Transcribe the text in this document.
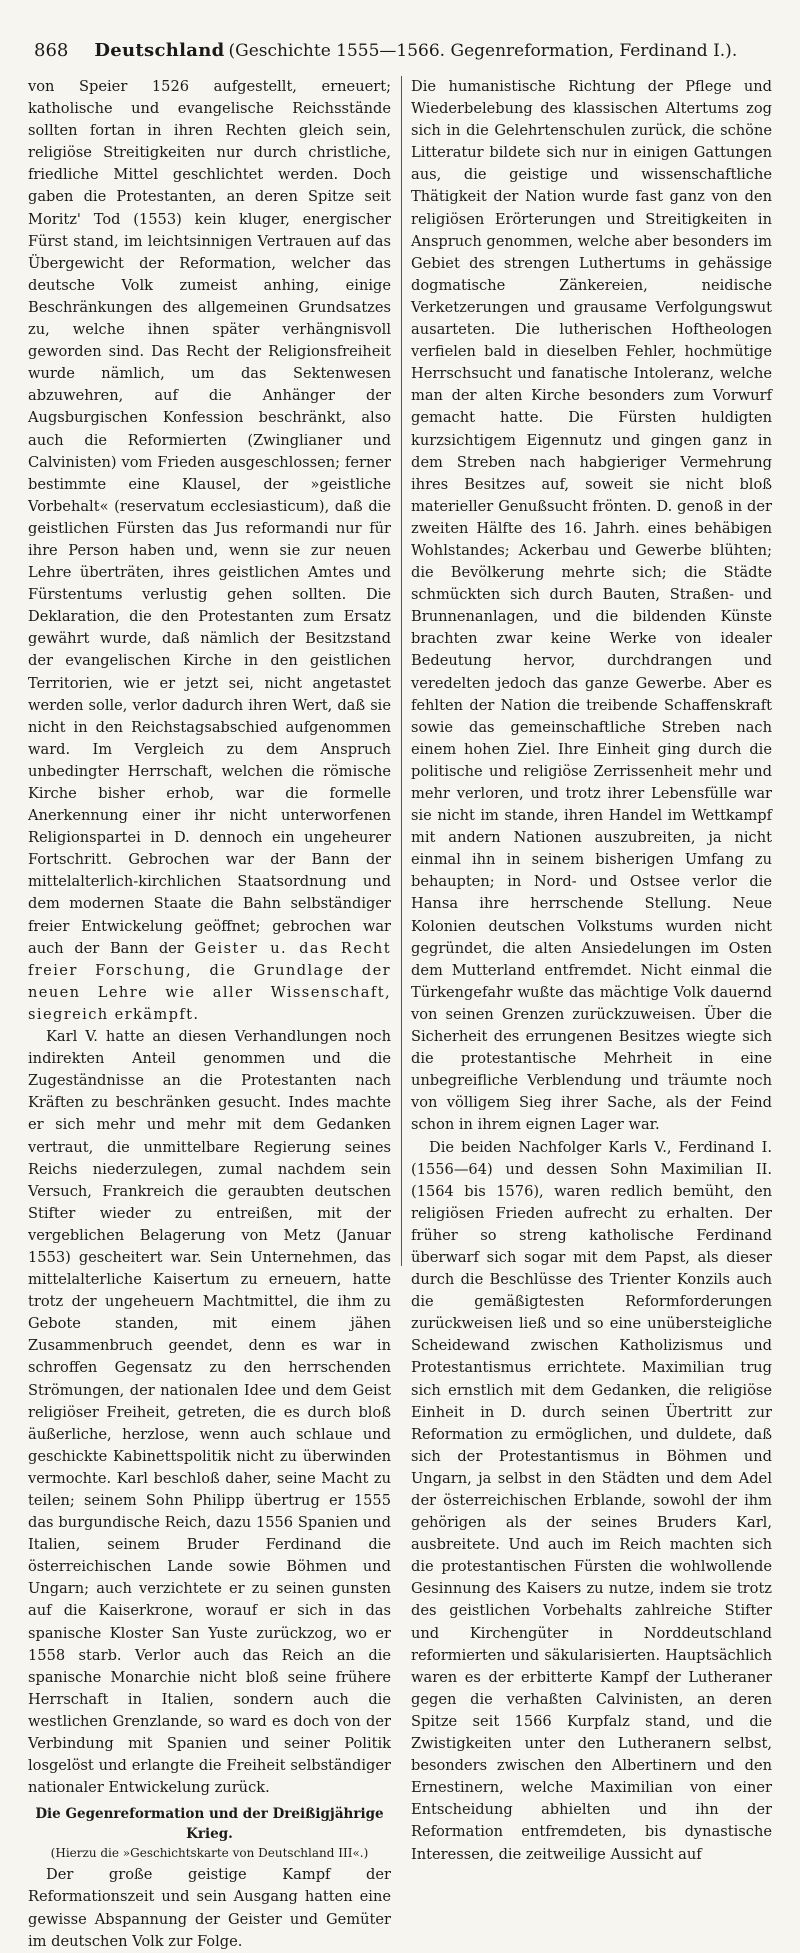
868 Deutschland (Geschichte 1555—1566. Gegenreformation, Ferdinand I.).

von Speier 1526 aufgestellt, erneuert; katholische und evangelische Reichsstände sollten fortan in ihren Rechten gleich sein, religiöse Streitigkeiten nur durch christliche, friedliche Mittel geschlichtet werden. Doch gaben die Protestanten, an deren Spitze seit Moritz' Tod (1553) kein kluger, energischer Fürst stand, im leichtsinnigen Vertrauen auf das Übergewicht der Reformation, welcher das deutsche Volk zumeist anhing, einige Beschränkungen des allgemeinen Grundsatzes zu, welche ihnen später verhängnisvoll geworden sind. Das Recht der Religionsfreiheit wurde nämlich, um das Sektenwesen abzuwehren, auf die Anhänger der Augsburgischen Konfession beschränkt, also auch die Reformierten (Zwinglianer und Calvinisten) vom Frieden ausgeschlossen; ferner bestimmte eine Klausel, der »geistliche Vorbehalt« (reservatum ecclesiasticum), daß die geistlichen Fürsten das Jus reformandi nur für ihre Person haben und, wenn sie zur neuen Lehre überträten, ihres geistlichen Amtes und Fürstentums verlustig gehen sollten. Die Deklaration, die den Protestanten zum Ersatz gewährt wurde, daß nämlich der Besitzstand der evangelischen Kirche in den geistlichen Territorien, wie er jetzt sei, nicht angetastet werden solle, verlor dadurch ihren Wert, daß sie nicht in den Reichstagsabschied aufgenommen ward. Im Vergleich zu dem Anspruch unbedingter Herrschaft, welchen die römische Kirche bisher erhob, war die formelle Anerkennung einer ihr nicht unterworfenen Religionspartei in D. dennoch ein ungeheurer Fortschritt. Gebrochen war der Bann der mittelalterlich-kirchlichen Staatsordnung und dem modernen Staate die Bahn selbständiger freier Entwickelung geöffnet; gebrochen war auch der Bann der Geister u. das Recht freier Forschung, die Grundlage der neuen Lehre wie aller Wissenschaft, siegreich erkämpft.

Karl V. hatte an diesen Verhandlungen noch indirekten Anteil genommen und die Zugeständnisse an die Protestanten nach Kräften zu beschränken gesucht. Indes machte er sich mehr und mehr mit dem Gedanken vertraut, die unmittelbare Regierung seines Reichs niederzulegen, zumal nachdem sein Versuch, Frankreich die geraubten deutschen Stifter wieder zu entreißen, mit der vergeblichen Belagerung von Metz (Januar 1553) gescheitert war. Sein Unternehmen, das mittelalterliche Kaisertum zu erneuern, hatte trotz der ungeheuern Machtmittel, die ihm zu Gebote standen, mit einem jähen Zusammenbruch geendet, denn es war in schroffen Gegensatz zu den herrschenden Strömungen, der nationalen Idee und dem Geist religiöser Freiheit, getreten, die es durch bloß äußerliche, herzlose, wenn auch schlaue und geschickte Kabinettspolitik nicht zu überwinden vermochte. Karl beschloß daher, seine Macht zu teilen; seinem Sohn Philipp übertrug er 1555 das burgundische Reich, dazu 1556 Spanien und Italien, seinem Bruder Ferdinand die österreichischen Lande sowie Böhmen und Ungarn; auch verzichtete er zu seinen gunsten auf die Kaiserkrone, worauf er sich in das spanische Kloster San Yuste zurückzog, wo er 1558 starb. Verlor auch das Reich an die spanische Monarchie nicht bloß seine frühere Herrschaft in Italien, sondern auch die westlichen Grenzlande, so ward es doch von der Verbindung mit Spanien und seiner Politik losgelöst und erlangte die Freiheit selbständiger nationaler Entwickelung zurück.

Die Gegenreformation und der Dreißigjährige Krieg.
(Hierzu die »Geschichtskarte von Deutschland III«.)

Der große geistige Kampf der Reformationszeit und sein Ausgang hatten eine gewisse Abspannung der Geister und Gemüter im deutschen Volk zur Folge.

Die humanistische Richtung der Pflege und Wiederbelebung des klassischen Altertums zog sich in die Gelehrtenschulen zurück, die schöne Litteratur bildete sich nur in einigen Gattungen aus, die geistige und wissenschaftliche Thätigkeit der Nation wurde fast ganz von den religiösen Erörterungen und Streitigkeiten in Anspruch genommen, welche aber besonders im Gebiet des strengen Luthertums in gehässige dogmatische Zänkereien, neidische Verketzerungen und grausame Verfolgungswut ausarteten. Die lutherischen Hoftheologen verfielen bald in dieselben Fehler, hochmütige Herrschsucht und fanatische Intoleranz, welche man der alten Kirche besonders zum Vorwurf gemacht hatte. Die Fürsten huldigten kurzsichtigem Eigennutz und gingen ganz in dem Streben nach habgieriger Vermehrung ihres Besitzes auf, soweit sie nicht bloß materieller Genußsucht frönten. D. genoß in der zweiten Hälfte des 16. Jahrh. eines behäbigen Wohlstandes; Ackerbau und Gewerbe blühten; die Bevölkerung mehrte sich; die Städte schmückten sich durch Bauten, Straßen- und Brunnenanlagen, und die bildenden Künste brachten zwar keine Werke von idealer Bedeutung hervor, durchdrangen und veredelten jedoch das ganze Gewerbe. Aber es fehlten der Nation die treibende Schaffenskraft sowie das gemeinschaftliche Streben nach einem hohen Ziel. Ihre Einheit ging durch die politische und religiöse Zerrissenheit mehr und mehr verloren, und trotz ihrer Lebensfülle war sie nicht im stande, ihren Handel im Wettkampf mit andern Nationen auszubreiten, ja nicht einmal ihn in seinem bisherigen Umfang zu behaupten; in Nord- und Ostsee verlor die Hansa ihre herrschende Stellung. Neue Kolonien deutschen Volkstums wurden nicht gegründet, die alten Ansiedelungen im Osten dem Mutterland entfremdet. Nicht einmal die Türkengefahr wußte das mächtige Volk dauernd von seinen Grenzen zurückzuweisen. Über die Sicherheit des errungenen Besitzes wiegte sich die protestantische Mehrheit in eine unbegreifliche Verblendung und träumte noch von völligem Sieg ihrer Sache, als der Feind schon in ihrem eignen Lager war.

Die beiden Nachfolger Karls V., Ferdinand I. (1556—64) und dessen Sohn Maximilian II. (1564 bis 1576), waren redlich bemüht, den religiösen Frieden aufrecht zu erhalten. Der früher so streng katholische Ferdinand überwarf sich sogar mit dem Papst, als dieser durch die Beschlüsse des Trienter Konzils auch die gemäßigtesten Reformforderungen zurückweisen ließ und so eine unübersteigliche Scheidewand zwischen Katholizismus und Protestantismus errichtete. Maximilian trug sich ernstlich mit dem Gedanken, die religiöse Einheit in D. durch seinen Übertritt zur Reformation zu ermöglichen, und duldete, daß sich der Protestantismus in Böhmen und Ungarn, ja selbst in den Städten und dem Adel der österreichischen Erblande, sowohl der ihm gehörigen als der seines Bruders Karl, ausbreitete. Und auch im Reich machten sich die protestantischen Fürsten die wohlwollende Gesinnung des Kaisers zu nutze, indem sie trotz des geistlichen Vorbehalts zahlreiche Stifter und Kirchengüter in Norddeutschland reformierten und säkularisierten. Hauptsächlich waren es der erbitterte Kampf der Lutheraner gegen die verhaßten Calvinisten, an deren Spitze seit 1566 Kurpfalz stand, und die Zwistigkeiten unter den Lutheranern selbst, besonders zwischen den Albertinern und den Ernestinern, welche Maximilian von einer Entscheidung abhielten und ihn der Reformation entfremdeten, bis dynastische Interessen, die zeitweilige Aussicht auf
